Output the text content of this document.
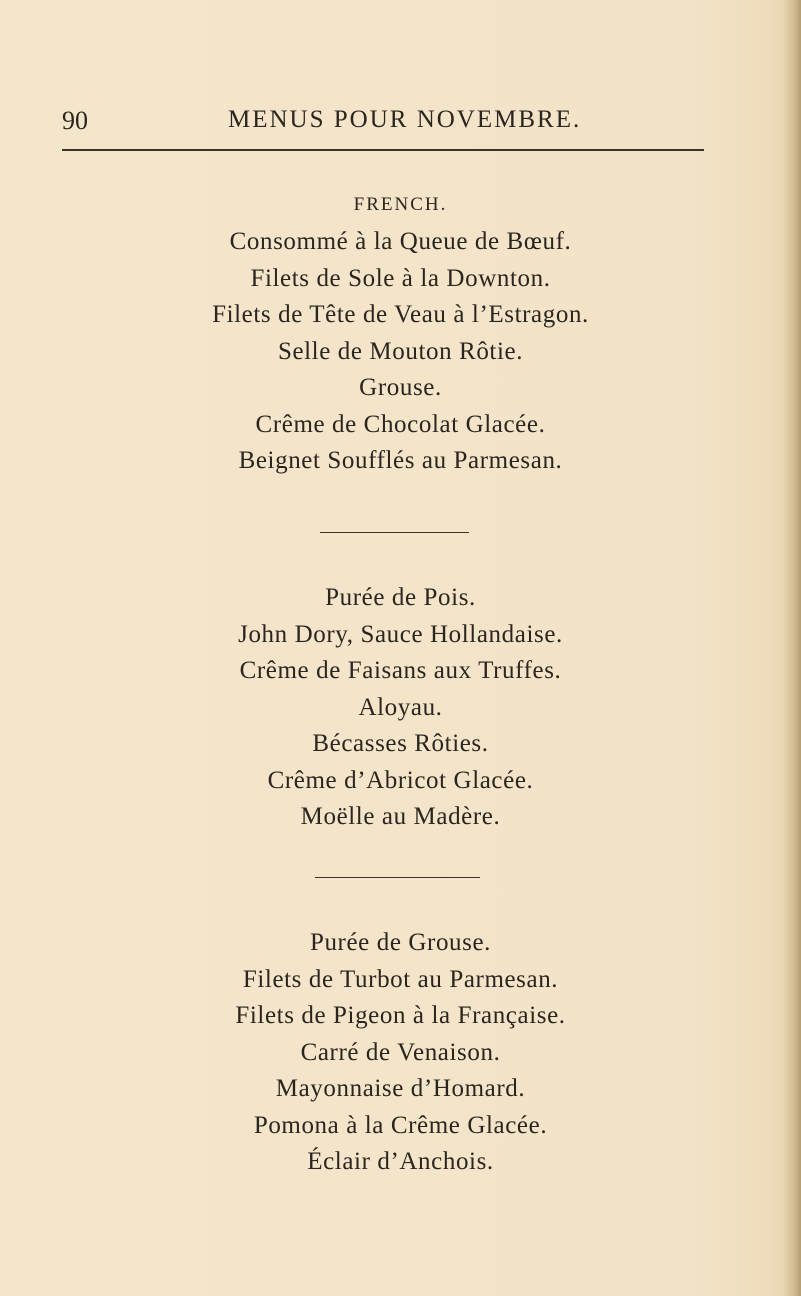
90	MENUS POUR NOVEMBRE.
FRENCH.
Consommé à la Queue de Bœuf.
Filets de Sole à la Downton.
Filets de Tête de Veau à l’Estragon.
Selle de Mouton Rôtie.
Grouse.
Crême de Chocolat Glacée.
Beignet Soufflés au Parmesan.
Purée de Pois.
John Dory, Sauce Hollandaise.
Crême de Faisans aux Truffes.
Aloyau.
Bécasses Rôties.
Crême d’Abricot Glacée.
Moëlle au Madère.
Purée de Grouse.
Filets de Turbot au Parmesan.
Filets de Pigeon à la Française.
Carré de Venaison.
Mayonnaise d’Homard.
Pomona à la Crême Glacée.
Éclair d’Anchois.
